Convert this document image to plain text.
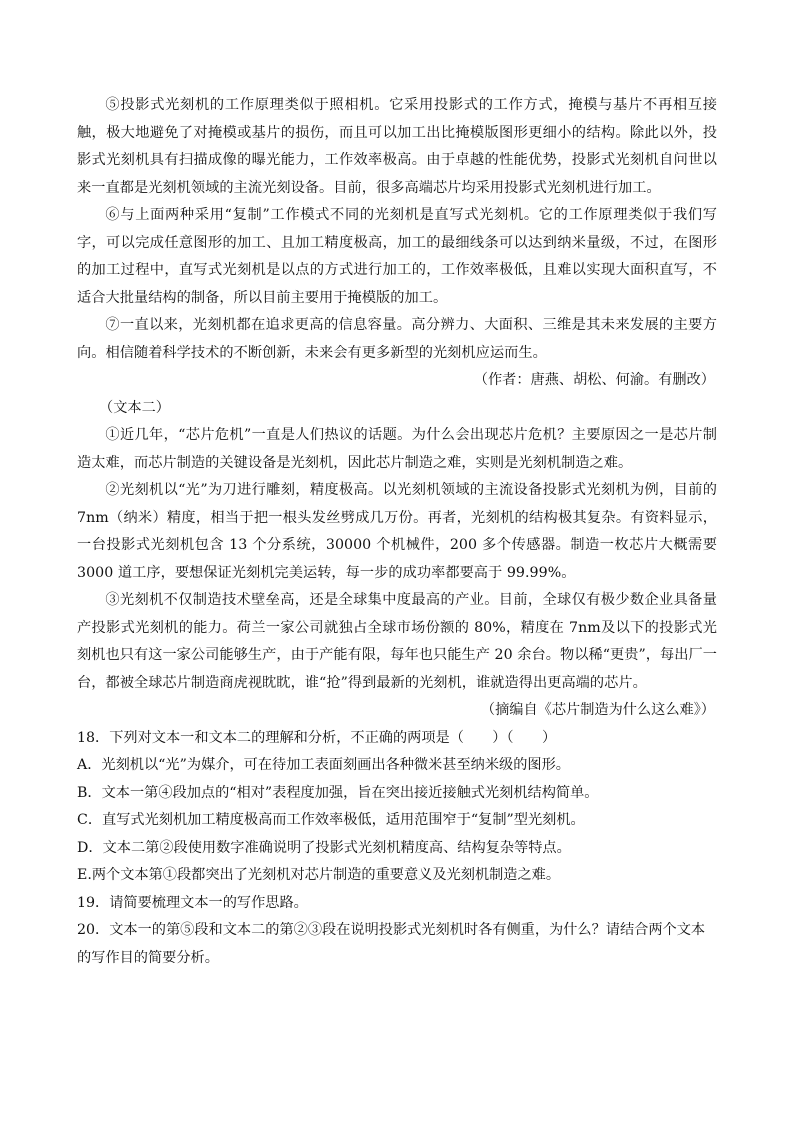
⑤投影式光刻机的工作原理类似于照相机。它采用投影式的工作方式，掩模与基片不再相互接触，极大地避免了对掩模或基片的损伤，而且可以加工出比掩模版图形更细小的结构。除此以外，投影式光刻机具有扫描成像的曝光能力，工作效率极高。由于卓越的性能优势，投影式光刻机自问世以来一直都是光刻机领域的主流光刻设备。目前，很多高端芯片均采用投影式光刻机进行加工。

⑥与上面两种采用“复制”工作模式不同的光刻机是直写式光刻机。它的工作原理类似于我们写字，可以完成任意图形的加工、且加工精度极高，加工的最细线条可以达到纳米量级，不过，在图形的加工过程中，直写式光刻机是以点的方式进行加工的，工作效率极低，且难以实现大面积直写，不适合大批量结构的制备，所以目前主要用于掩模版的加工。

⑦一直以来，光刻机都在追求更高的信息容量。高分辨力、大面积、三维是其未来发展的主要方向。相信随着科学技术的不断创新，未来会有更多新型的光刻机应运而生。

（作者：唐燕、胡松、何渝。有删改）

（文本二）

①近几年，“芯片危机”一直是人们热议的话题。为什么会出现芯片危机？主要原因之一是芯片制造太难，而芯片制造的关键设备是光刻机，因此芯片制造之难，实则是光刻机制造之难。

②光刻机以“光”为刀进行雕刻，精度极高。以光刻机领域的主流设备投影式光刻机为例，目前的 7nm（纳米）精度，相当于把一根头发丝劈成几万份。再者，光刻机的结构极其复杂。有资料显示，一台投影式光刻机包含 13 个分系统，30000 个机械件，200 多个传感器。制造一枚芯片大概需要 3000 道工序，要想保证光刻机完美运转，每一步的成功率都要高于 99.99%。

③光刻机不仅制造技术壁垒高，还是全球集中度最高的产业。目前，全球仅有极少数企业具备量产投影式光刻机的能力。荷兰一家公司就独占全球市场份额的 80%，精度在 7nm及以下的投影式光刻机也只有这一家公司能够生产，由于产能有限，每年也只能生产 20 余台。物以稀“更贵”，每出厂一台，都被全球芯片制造商虎视眈眈，谁“抢”得到最新的光刻机，谁就造得出更高端的芯片。

（摘编自《芯片制造为什么这么难》）

18．下列对文本一和文本二的理解和分析，不正确的两项是（　　）（　　）

A．光刻机以“光”为媒介，可在待加工表面刻画出各种微米甚至纳米级的图形。

B．文本一第④段加点的“相对”表程度加强，旨在突出接近接触式光刻机结构简单。

C．直写式光刻机加工精度极高而工作效率极低，适用范围窄于“复制”型光刻机。

D．文本二第②段使用数字准确说明了投影式光刻机精度高、结构复杂等特点。

E.两个文本第①段都突出了光刻机对芯片制造的重要意义及光刻机制造之难。

19．请简要梳理文本一的写作思路。

20．文本一的第⑤段和文本二的第②③段在说明投影式光刻机时各有侧重，为什么？请结合两个文本的写作目的简要分析。
